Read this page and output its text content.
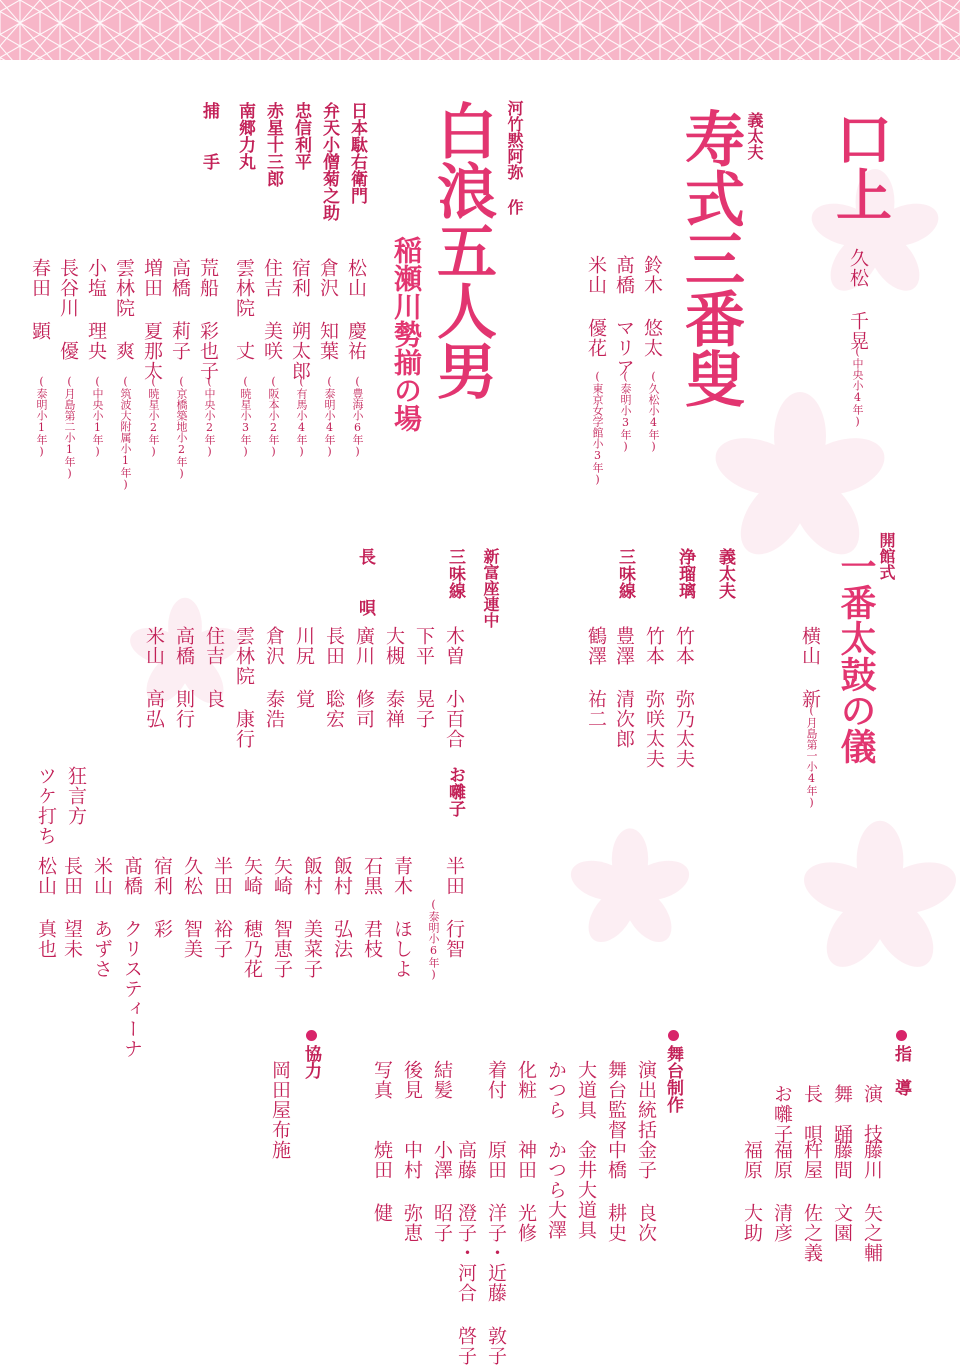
口上
久松 千晃
(中央小4年)
義太夫
寿式三番叟
鈴木 悠太
(久松小4年)
髙橋 マリア
(泰明小3年)
米山 優花
(東京女学館小3年)
河竹黙阿弥 作
白浪五人男
稲瀬川勢揃の場
日本駄右衛門
弁天小僧菊之助
忠信利平
赤星十三郎
南郷力丸
捕　　手
松山 慶祐
(豊海小6年)
倉沢 知葉
(泰明小4年)
宿利 朔太郎
(有馬小4年)
住吉 美咲
(阪本小2年)
雲林院 丈
(暁星小3年)
荒船 彩也子
(中央小2年)
高橋 莉子
(京橋築地小2年)
増田 夏那太
(暁星小2年)
雲林院 爽
(筑波大附属小1年)
小塩 理央
(中央小1年)
長谷川 優
(月島第二小1年)
春田 顕
(泰明小1年)
開館式
一番太鼓の儀
横山 新
(月島第一小4年)
義太夫
浄瑠璃
竹本 弥乃太夫
竹本 弥咲太夫
三味線
豊澤 清次郎
鶴澤 祐二
新富座連中
三味線
木曽 小百合
下平 晃子
大槻 泰禅
廣川 修司
長田 聡宏
川尻 覚
倉沢 泰浩
雲林院 康行
住吉 良
高橋 則行
米山 高弘
長　　唄
お囃子
半田 行智
(泰明小6年)
青木 ほしよ
石黒 君枝
飯村 弘法
飯村 美菜子
矢崎 智恵子
矢崎 穂乃花
半田 裕子
久松 智美
宿利 彩
髙橋 クリスティーナ
米山 あずさ
長田 望未
狂言方
ツケ打ち
松山 真也
指　導
演　技
藤川 矢之輔
舞　踊
藤間 文園
長　唄
杵屋 佐之義
お囃子
福原 清彦
福原 大助
舞台制作
演出統括
金子 良次
舞台監督
中橋 耕史
大道具
金井大道具
かつら
かつら大澤
化粧
神田 光修
着付
原田 洋子・近藤 敦子
高藤 澄子・河合 啓子
結髪
小澤 昭子
後見
中村 弥恵
写真
焼田 健
協力
岡田屋布施
